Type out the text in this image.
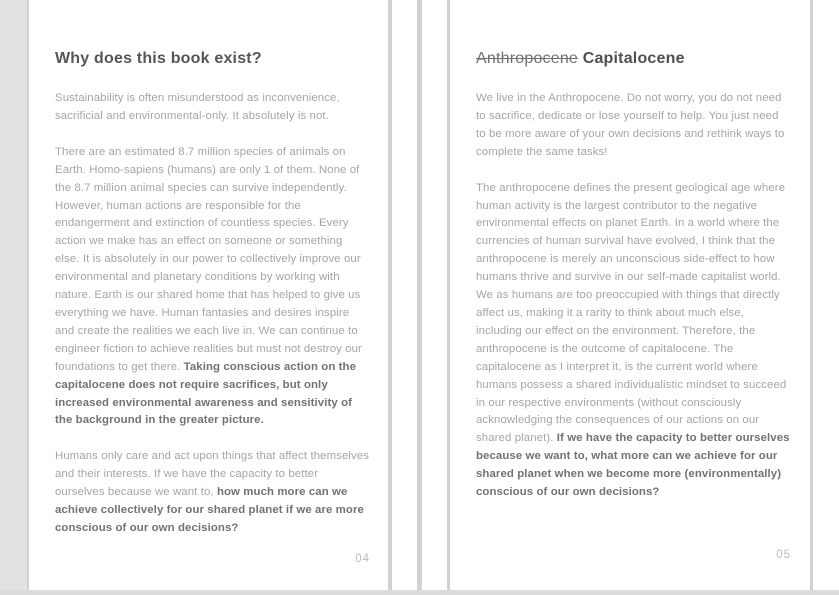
Why does this book exist?

Sustainability is often misunderstood as inconvenience, sacrificial and environmental-only. It absolutely is not.

There are an estimated 8.7 million species of animals on Earth. Homo-sapiens (humans) are only 1 of them. None of the 8.7 million animal species can survive independently. However, human actions are responsible for the endangerment and extinction of countless species. Every action we make has an effect on someone or something else. It is absolutely in our power to collectively improve our environmental and planetary conditions by working with nature. Earth is our shared home that has helped to give us everything we have. Human fantasies and desires inspire and create the realities we each live in. We can continue to engineer fiction to achieve realities but must not destroy our foundations to get there. Taking conscious action on the capitalocene does not require sacrifices, but only increased environmental awareness and sensitivity of the background in the greater picture.

Humans only care and act upon things that affect themselves and their interests. If we have the capacity to better ourselves because we want to, how much more can we achieve collectively for our shared planet if we are more conscious of our own decisions?

04
Anthropocene Capitalocene

We live in the Anthropocene. Do not worry, you do not need to sacrifice, dedicate or lose yourself to help. You just need to be more aware of your own decisions and rethink ways to complete the same tasks!

The anthropocene defines the present geological age where human activity is the largest contributor to the negative environmental effects on planet Earth. In a world where the currencies of human survival have evolved, I think that the anthropocene is merely an unconscious side-effect to how humans thrive and survive in our self-made capitalist world. We as humans are too preoccupied with things that directly affect us, making it a rarity to think about much else, including our effect on the environment. Therefore, the anthropocene is the outcome of capitalocene. The capitalocene as I interpret it, is the current world where humans possess a shared individualistic mindset to succeed in our respective environments (without consciously acknowledging the consequences of our actions on our shared planet). If we have the capacity to better ourselves because we want to, what more can we achieve for our shared planet when we become more (environmentally) conscious of our own decisions?

05
